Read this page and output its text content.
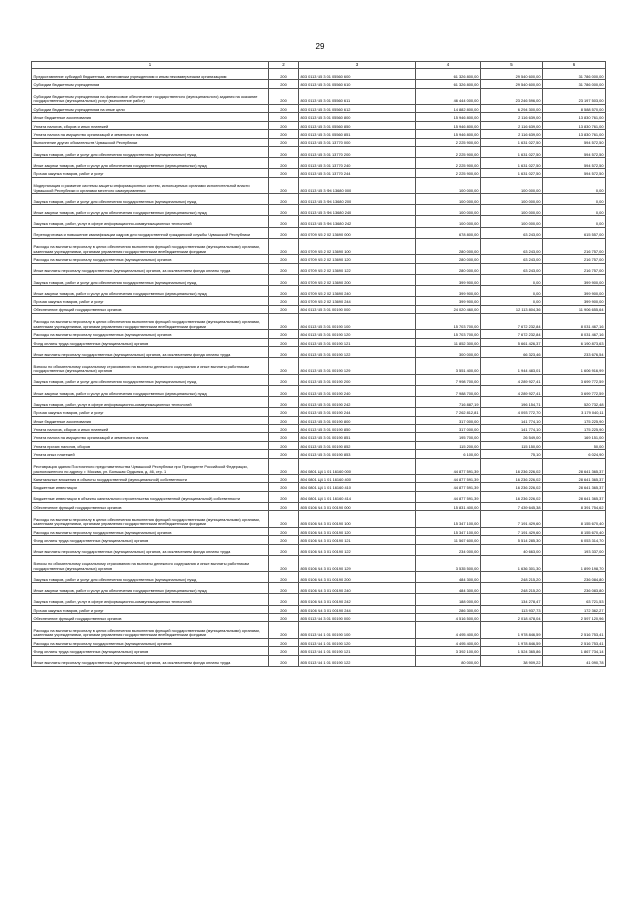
29
1	2	3	4	5	6
Предоставление субсидий бюджетным, автономным учреждениям и иным некоммерческим организациям	200	803 0113 Ч5 3 01 05560 600	61 326 800,00	29 540 600,00	31 786 000,00
Субсидии бюджетным учреждениям	200	803 0113 Ч5 3 01 05560 610	61 326 800,00	29 540 600,00	31 786 000,00
Субсидии бюджетным учреждениям на финансовое обеспечение государственного (муниципального) задания на оказание государственных (муниципальных) услуг (выполнение работ)	200	803 0113 Ч5 3 01 05560 611	46 444 000,00	23 246 596,00	23 197 503,00
Субсидии бюджетным учреждениям на иные цели	200	803 0113 Ч5 3 01 05560 612	14 882 800,00	6 294 300,00	8 588 570,00
Иные бюджетные ассигнования	200	803 0113 Ч5 3 01 05560 800	15 946 800,00	2 116 639,00	13 830 761,00
Уплата налогов, сборов и иных платежей	200	803 0113 Ч5 3 01 05560 850	15 946 800,00	2 116 639,00	13 830 761,00
Уплата налога на имущество организаций и земельного налога	200	803 0113 Ч5 3 01 05560 851	15 946 800,00	2 116 639,00	13 830 761,00
Выполнение других обязательств Чувашской Республики	200	803 0113 Ч5 3 01 13770 000	2 225 900,00	1 631 027,50	594 572,50
Закупка товаров, работ и услуг для обеспечения государственных (муниципальных) нужд	200	803 0113 Ч5 3 01 13770 200	2 225 900,00	1 631 027,50	594 572,50
Иные закупки товаров, работ и услуг для обеспечения государственных (муниципальных) нужд	200	803 0113 Ч5 3 01 13770 240	2 225 900,00	1 631 027,50	594 572,50
Прочая закупка товаров, работ и услуг	200	803 0113 Ч5 3 01 13770 244	2 225 900,00	1 631 027,50	594 572,50
Модернизация и развитие системы защиты информационных систем, используемых органами исполнительной власти Чувашской Республики и органами местного самоуправления	200	803 0113 Ч5 3 Ф4 13680 000	100 000,00	100 000,00	0,00
Закупка товаров, работ и услуг для обеспечения государственных (муниципальных) нужд	200	803 0113 Ч5 3 Ф4 13680 200	100 000,00	100 000,00	0,00
Иные закупки товаров, работ и услуг для обеспечения государственных (муниципальных) нужд	200	803 0113 Ч5 3 Ф4 13680 240	100 000,00	100 000,00	0,00
Закупка товаров, работ, услуг в сфере информационно-коммуникационных технологий	200	803 0113 Ч5 3 Ф4 13680 242	100 000,00	100 000,00	0,00
Переподготовка и повышение квалификации кадров для государственной гражданской службы Чувашской Республики	200	803 0709 Ч5 2 02 13690 000	678 800,00	63 243,00	615 557,00
Расходы на выплаты персоналу в целях обеспечения выполнения функций государственными (муниципальными) органами, казенными учреждениями, органами управления государственными внебюджетными фондами	200	803 0709 Ч5 2 02 13690 100	280 000,00	63 243,00	216 757,00
Расходы на выплаты персоналу государственных (муниципальных) органов	200	803 0709 Ч5 2 02 13690 120	280 000,00	63 243,00	216 757,00
Иные выплаты персоналу государственных (муниципальных) органов, за исключением фонда оплаты труда	200	803 0709 Ч5 2 02 13690 122	280 000,00	63 243,00	216 757,00
Закупка товаров, работ и услуг для обеспечения государственных (муниципальных) нужд	200	803 0709 Ч5 2 02 13690 200	399 900,00	0,00	399 900,00
Иные закупки товаров, работ и услуг для обеспечения государственных (муниципальных) нужд	200	803 0709 Ч5 2 02 13690 240	399 900,00	0,00	399 900,00
Прочая закупка товаров, работ и услуг	200	803 0709 Ч5 2 02 13690 244	399 900,00	0,00	399 900,00
Обеспечение функций государственных органов	200	804 0113 Ч5 3 01 00190 000	24 020 460,00	12 113 804,36	11 906 655,64
Расходы на выплаты персоналу в целях обеспечения выполнения функций государственными (муниципальными) органами, казенными учреждениями, органами управления государственными внебюджетными фондами	200	804 0113 Ч5 3 01 00190 100	15 703 700,00	7 672 232,84	8 031 467,16
Расходы на выплаты персоналу государственных (муниципальных) органов	200	804 0113 Ч5 3 01 00190 120	15 703 700,00	7 672 232,84	8 031 467,16
Фонд оплаты труда государственных (муниципальных) органов	200	804 0113 Ч5 3 01 00190 121	11 852 300,00	5 661 426,37	6 190 873,63
Иные выплаты персоналу государственных (муниципальных) органов, за исключением фонда оплаты труда	200	804 0113 Ч5 3 01 00190 122	300 000,00	66 323,46	233 676,54
Взносы по обязательному социальному страхованию на выплаты денежного содержания и иные выплаты работникам государственных (муниципальных) органов	200	804 0113 Ч5 3 01 00190 129	3 551 400,00	1 944 483,01	1 606 916,99
Закупка товаров, работ и услуг для обеспечения государственных (муниципальных) нужд	200	804 0113 Ч5 3 01 00190 200	7 998 700,00	4 289 927,41	3 699 772,59
Иные закупки товаров, работ и услуг для обеспечения государственных (муниципальных) нужд	200	804 0113 Ч5 3 01 00190 240	7 988 700,00	4 289 927,41	3 699 772,59
Закупка товаров, работ, услуг в сфере информационно-коммуникационных технологий	200	804 0113 Ч5 3 01 00190 242	716 887,19	196 154,71	520 732,48
Прочая закупка товаров, работ и услуг	200	804 0113 Ч5 3 01 00190 244	7 262 812,81	4 093 772,70	3 179 040,11
Иные бюджетные ассигнования	200	804 0113 Ч5 3 01 00190 800	317 000,00	141 774,10	175 225,90
Уплата налогов, сборов и иных платежей	200	804 0113 Ч5 3 01 00190 850	317 000,00	141 774,10	175 225,90
Уплата налога на имущество организаций и земельного налога	200	804 0113 Ч5 3 01 00190 851	195 700,00	26 549,00	169 151,00
Уплата прочих налогов, сборов	200	804 0113 Ч5 3 01 00190 852	115 200,00	115 150,00	50,00
Уплата иных платежей	200	804 0113 Ч5 3 01 00190 853	6 100,00	75,10	6 024,90
Реставрация здания Постоянного представительства Чувашской Республики при Президенте Российской Федерации, расположенного по адресу: г. Москва, ул. Большая Ордынка, д. 46, стр. 1	200	804 0801 Ц4 1 01 16160 000	44 877 591,39	16 236 226,02	28 641 365,37
Капитальные вложения в объекты государственной (муниципальной) собственности	200	804 0801 Ц4 1 01 16160 400	44 877 591,39	16 236 226,02	28 641 365,37
Бюджетные инвестиции	200	804 0801 Ц4 1 01 16160 410	44 877 591,39	16 236 226,02	28 641 365,37
Бюджетные инвестиции в объекты капитального строительства государственной (муниципальной) собственности	200	804 0801 Ц4 1 01 16160 414	44 877 591,39	16 236 226,02	28 641 365,37
Обеспечение функций государственных органов	200	805 0106 Ч4 3 01 00190 000	15 831 400,00	7 439 645,38	8 391 754,62
Расходы на выплаты персоналу в целях обеспечения выполнения функций государственными (муниципальными) органами, казенными учреждениями, органами управления государственными внебюджетными фондами	200	805 0106 Ч4 3 01 00190 100	15 347 100,00	7 191 429,60	8 155 670,40
Расходы на выплаты персоналу государственных (муниципальных) органов	200	805 0106 Ч4 3 01 00190 120	15 347 100,00	7 191 429,60	8 155 670,40
Фонд оплаты труда государственных (муниципальных) органов	200	805 0106 Ч4 3 01 00190 121	11 567 600,00	5 514 285,30	6 053 314,70
Иные выплаты персоналу государственных (муниципальных) органов, за исключением фонда оплаты труда	200	805 0106 Ч4 3 01 00190 122	234 000,00	40 663,00	193 337,00
Взносы по обязательному социальному страхованию на выплаты денежного содержания и иные выплаты работникам государственных (муниципальных) органов	200	805 0106 Ч4 3 01 00190 129	3 535 500,00	1 636 301,30	1 899 198,70
Закупка товаров, работ и услуг для обеспечения государственных (муниципальных) нужд	200	805 0106 Ч4 3 01 00190 200	484 300,00	248 215,20	236 084,80
Иные закупки товаров, работ и услуг для обеспечения государственных (муниципальных) нужд	200	805 0106 Ч4 3 01 00190 240	484 300,00	248 215,20	236 083,80
Закупка товаров, работ, услуг в сфере информационно-коммуникационных технологий	200	805 0106 Ч4 3 01 00190 242	188 000,00	134 278,47	63 721,53
Прочая закупка товаров, работ и услуг	200	805 0106 Ч4 3 01 00190 244	286 300,00	113 937,73	172 362,27
Обеспечение функций государственных органов	200	805 0113 Ч4 3 01 00190 000	4 516 500,00	2 018 478,04	2 597 120,96
Расходы на выплаты персоналу в целях обеспечения выполнения функций государственными (муниципальными) органами, казенными учреждениями, органами управления государственными внебюджетными фондами	200	805 0113 Ч4 1 01 00190 100	4 495 400,00	1 978 846,59	2 516 753,41
Расходы на выплаты персоналу государственных (муниципальных) органов	200	805 0113 Ч4 1 01 00190 120	4 495 400,00	1 978 846,59	2 516 753,41
Фонд оплаты труда государственных (муниципальных) органов	200	805 0113 Ч4 1 01 00190 121	3 392 100,00	1 524 365,86	1 867 734,14
Иные выплаты персоналу государственных (муниципальных) органов, за исключением фонда оплаты труда	200	805 0113 Ч4 1 01 00190 122	80 000,00	38 909,22	41 090,78
